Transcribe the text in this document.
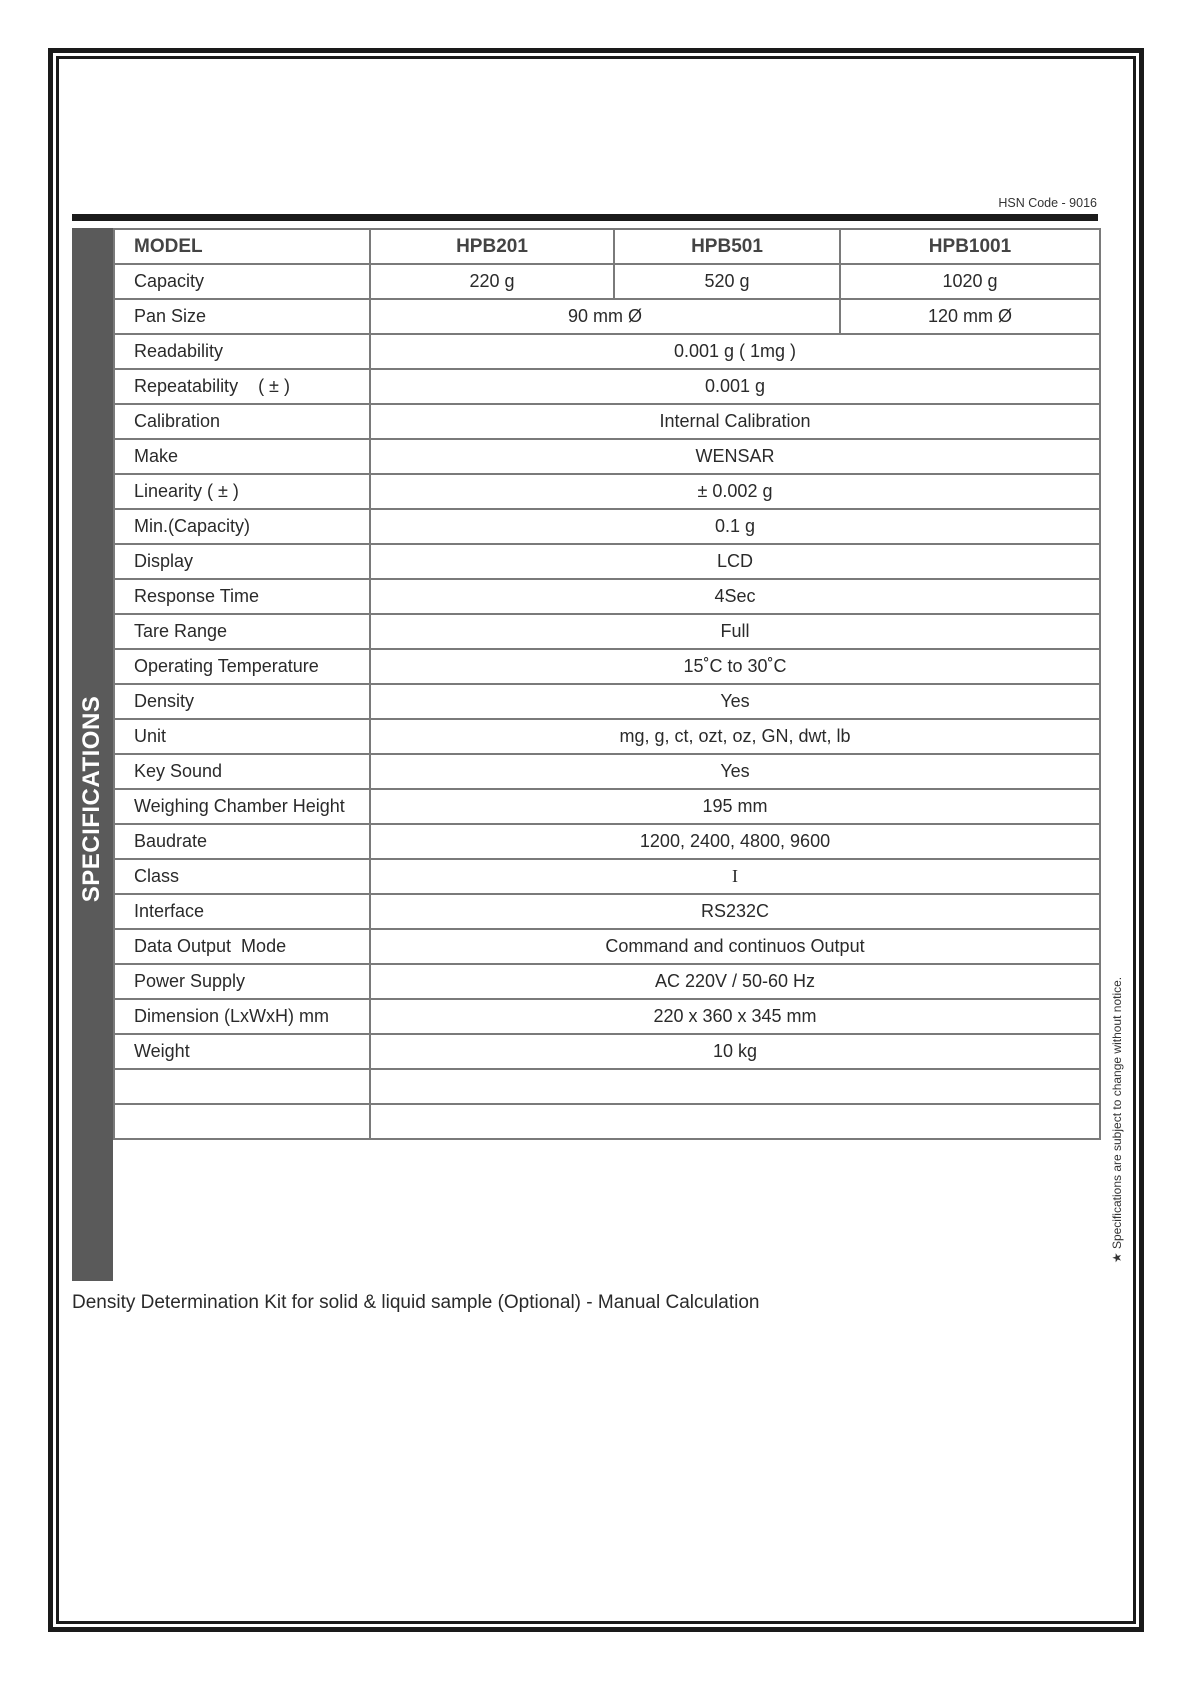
HSN Code - 9016
SPECIFICATIONS
MODEL	HPB201	HPB501	HPB1001
Capacity	220 g	520 g	1020 g
Pan Size	90 mm Ø		120 mm Ø
Readability	0.001 g ( 1mg )		
Repeatability    ( ± )	0.001 g		
Calibration	Internal Calibration		
Make	WENSAR		
Linearity ( ± )	± 0.002 g		
Min.(Capacity)	0.1 g		
Display	LCD		
Response Time	4Sec		
Tare Range	Full		
Operating Temperature	15˚C to 30˚C		
Density	Yes		
Unit	mg, g, ct, ozt, oz, GN, dwt, lb		
Key Sound	Yes		
Weighing Chamber Height	195 mm		
Baudrate	1200, 2400, 4800, 9600		
Class	I		
Interface	RS232C		
Data Output  Mode	Command and continuos Output		
Power Supply	AC 220V / 50-60 Hz		
Dimension (LxWxH) mm	220 x 360 x 345 mm		
Weight	10 kg		

Density Determination Kit for solid & liquid sample (Optional) - Manual Calculation
★ Specifications are subject to change without notice.
